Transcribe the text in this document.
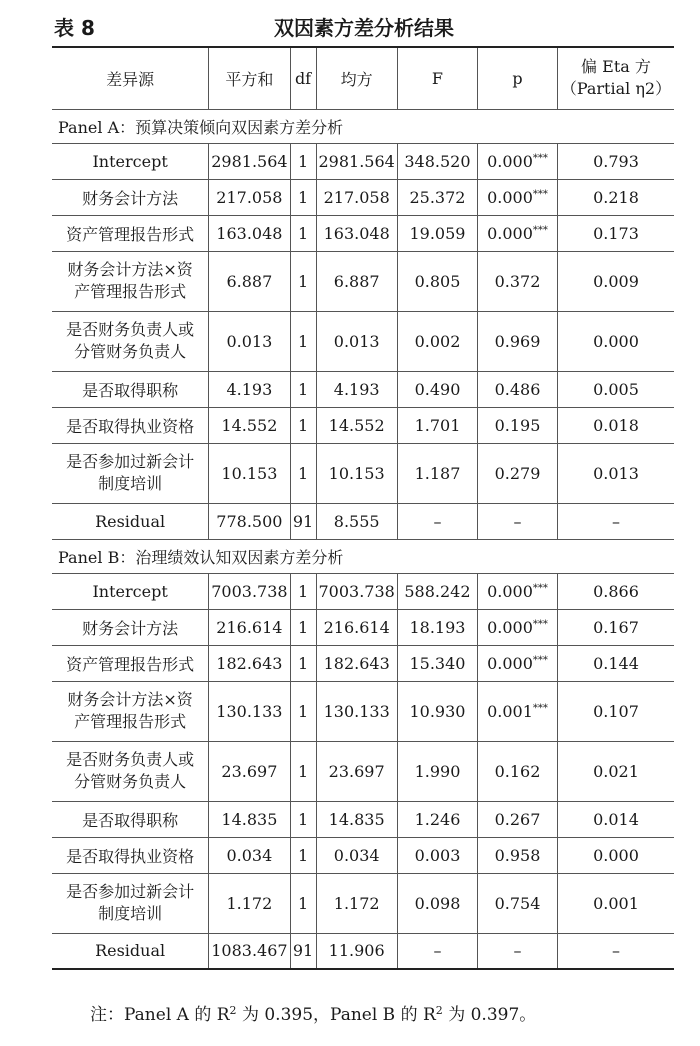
表 8	双因素方差分析结果
差异源	平方和	df	均方	F	p	偏 Eta 方
（Partial η2）
Panel A：预算决策倾向双因素方差分析						
Intercept	2981.564	1	2981.564	348.520	0.000***	0.793
财务会计方法	217.058	1	217.058	25.372	0.000***	0.218
资产管理报告形式	163.048	1	163.048	19.059	0.000***	0.173
财务会计方法×资
产管理报告形式	6.887	1	6.887	0.805	0.372	0.009
是否财务负责人或
分管财务负责人	0.013	1	0.013	0.002	0.969	0.000
是否取得职称	4.193	1	4.193	0.490	0.486	0.005
是否取得执业资格	14.552	1	14.552	1.701	0.195	0.018
是否参加过新会计
制度培训	10.153	1	10.153	1.187	0.279	0.013
Residual	778.500	91	8.555	–	–	–
Panel B：治理绩效认知双因素方差分析						
Intercept	7003.738	1	7003.738	588.242	0.000***	0.866
财务会计方法	216.614	1	216.614	18.193	0.000***	0.167
资产管理报告形式	182.643	1	182.643	15.340	0.000***	0.144
财务会计方法×资
产管理报告形式	130.133	1	130.133	10.930	0.001***	0.107
是否财务负责人或
分管财务负责人	23.697	1	23.697	1.990	0.162	0.021
是否取得职称	14.835	1	14.835	1.246	0.267	0.014
是否取得执业资格	0.034	1	0.034	0.003	0.958	0.000
是否参加过新会计
制度培训	1.172	1	1.172	0.098	0.754	0.001
Residual	1083.467	91	11.906	–	–	–
注：Panel A 的 $R^2$ 为 0.395，Panel B 的 $R^2$ 为 0.397。
